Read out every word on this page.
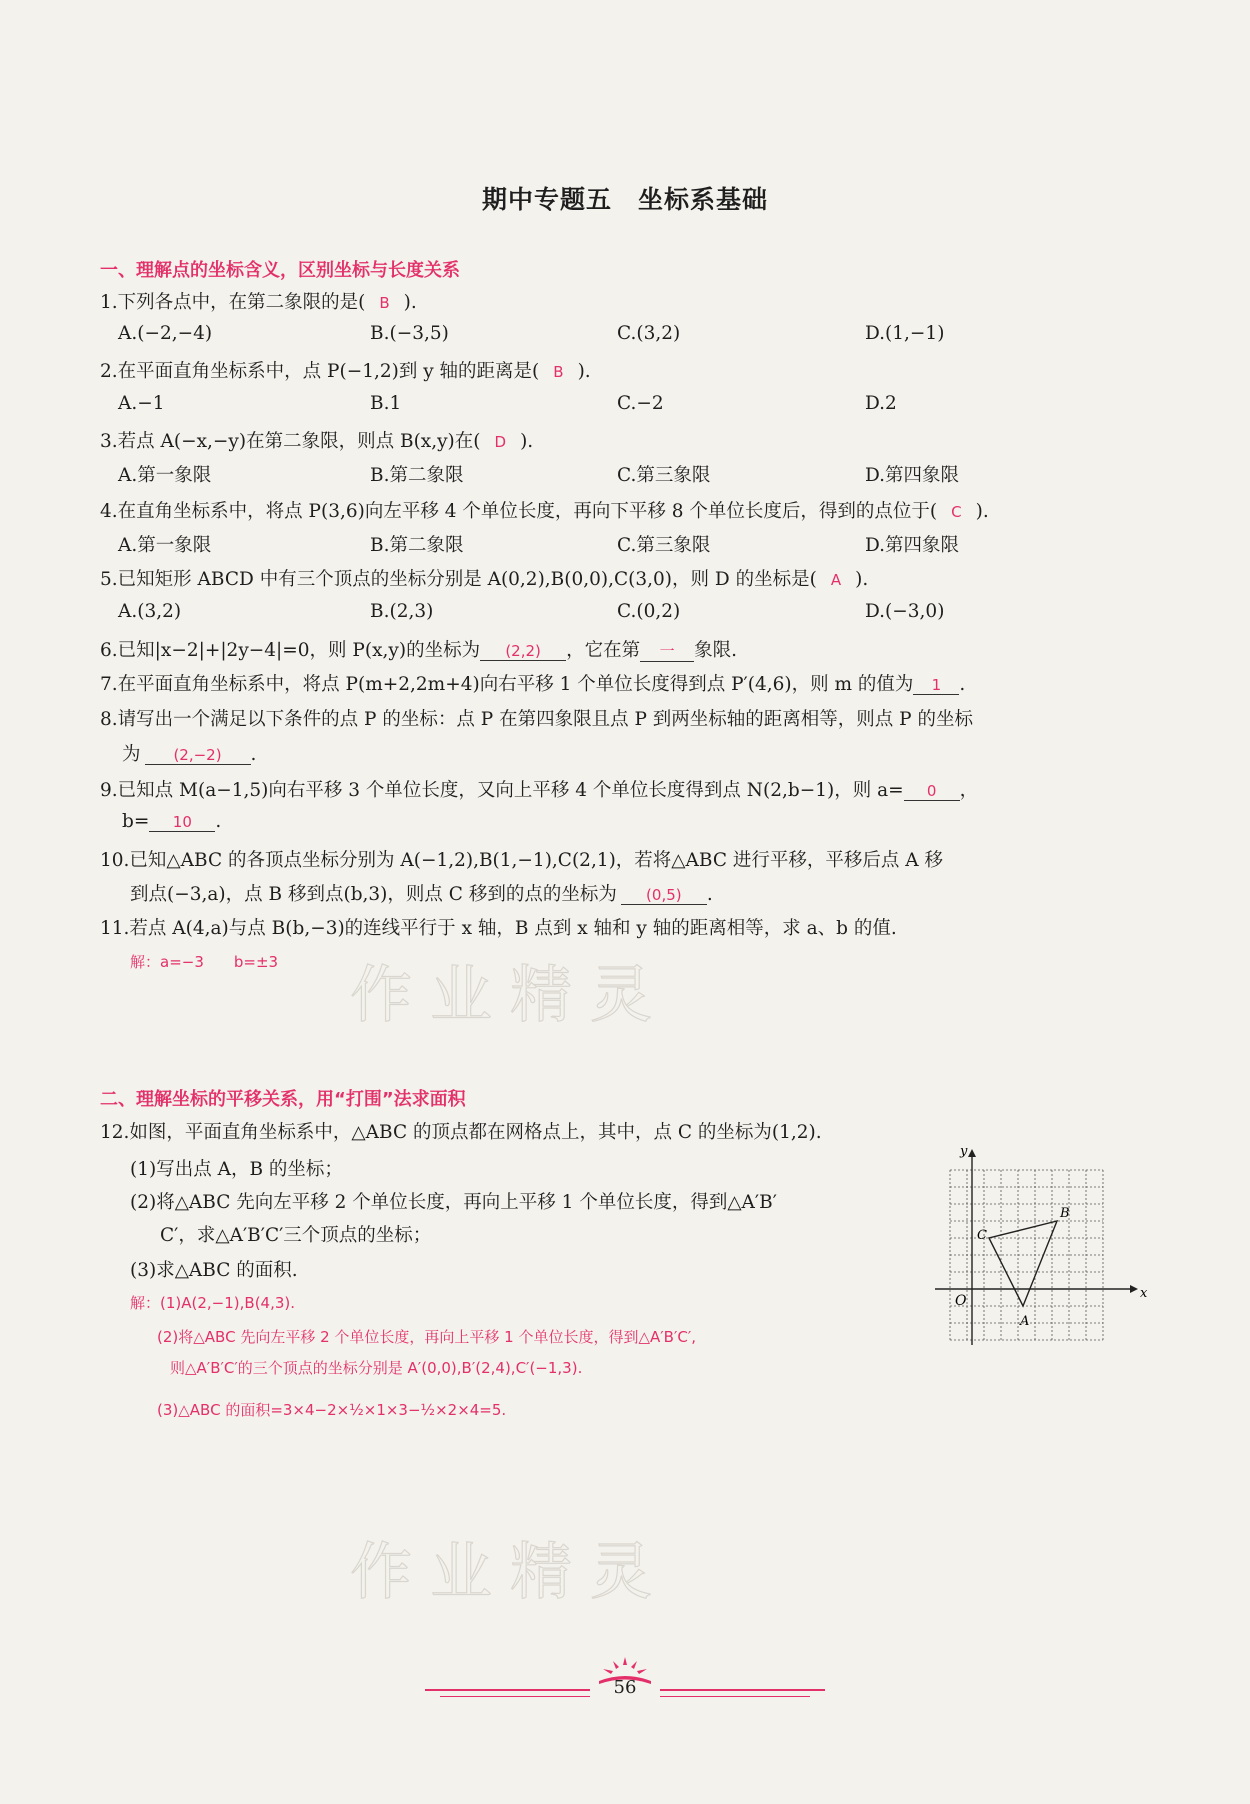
期中专题五　坐标系基础
一、理解点的坐标含义，区别坐标与长度关系
1.下列各点中，在第二象限的是( B ).
A.(−2,−4)	B.(−3,5)	C.(3,2)	D.(1,−1)
2.在平面直角坐标系中，点 P(−1,2)到 y 轴的距离是( B ).
A.−1	B.1	C.−2	D.2
3.若点 A(−x,−y)在第二象限，则点 B(x,y)在( D ).
A.第一象限	B.第二象限	C.第三象限	D.第四象限
4.在直角坐标系中，将点 P(3,6)向左平移 4 个单位长度，再向下平移 8 个单位长度后，得到的点位于( C ).
A.第一象限	B.第二象限	C.第三象限	D.第四象限
5.已知矩形 ABCD 中有三个顶点的坐标分别是 A(0,2),B(0,0),C(3,0)，则 D 的坐标是( A ).
A.(3,2)	B.(2,3)	C.(0,2)	D.(−3,0)
6.已知|x−2|+|2y−4|=0，则 P(x,y)的坐标为 (2,2) ，它在第 一 象限.
7.在平面直角坐标系中，将点 P(m+2,2m+4)向右平移 1 个单位长度得到点 P′(4,6)，则 m 的值为 1 .
8.请写出一个满足以下条件的点 P 的坐标：点 P 在第四象限且点 P 到两坐标轴的距离相等，则点 P 的坐标
为 (2,−2) .
9.已知点 M(a−1,5)向右平移 3 个单位长度，又向上平移 4 个单位长度得到点 N(2,b−1)，则 a= 0 ，
b= 10 .
10.已知△ABC 的各顶点坐标分别为 A(−1,2),B(1,−1),C(2,1)，若将△ABC 进行平移，平移后点 A 移
到点(−3,a)，点 B 移到点(b,3)，则点 C 移到的点的坐标为 (0,5) .
11.若点 A(4,a)与点 B(b,−3)的连线平行于 x 轴，B 点到 x 轴和 y 轴的距离相等，求 a、b 的值.
解：a=−3　　b=±3 作业精灵
二、理解坐标的平移关系，用“打围”法求面积
12.如图，平面直角坐标系中，△ABC 的顶点都在网格点上，其中，点 C 的坐标为(1,2).
(1)写出点 A，B 的坐标；
(2)将△ABC 先向左平移 2 个单位长度，再向上平移 1 个单位长度，得到△A′B′
C′，求△A′B′C′三个顶点的坐标；
(3)求△ABC 的面积.
解：(1)A(2,−1),B(4,3).
(2)将△ABC 先向左平移 2 个单位长度，再向上平移 1 个单位长度，得到△A′B′C′,
则△A′B′C′的三个顶点的坐标分别是 A′(0,0),B′(2,4),C′(−1,3).
(3)△ABC 的面积=3×4−2×½×1×3−½×2×4=5.
x
y
O
A
B
C
作业精灵
56
